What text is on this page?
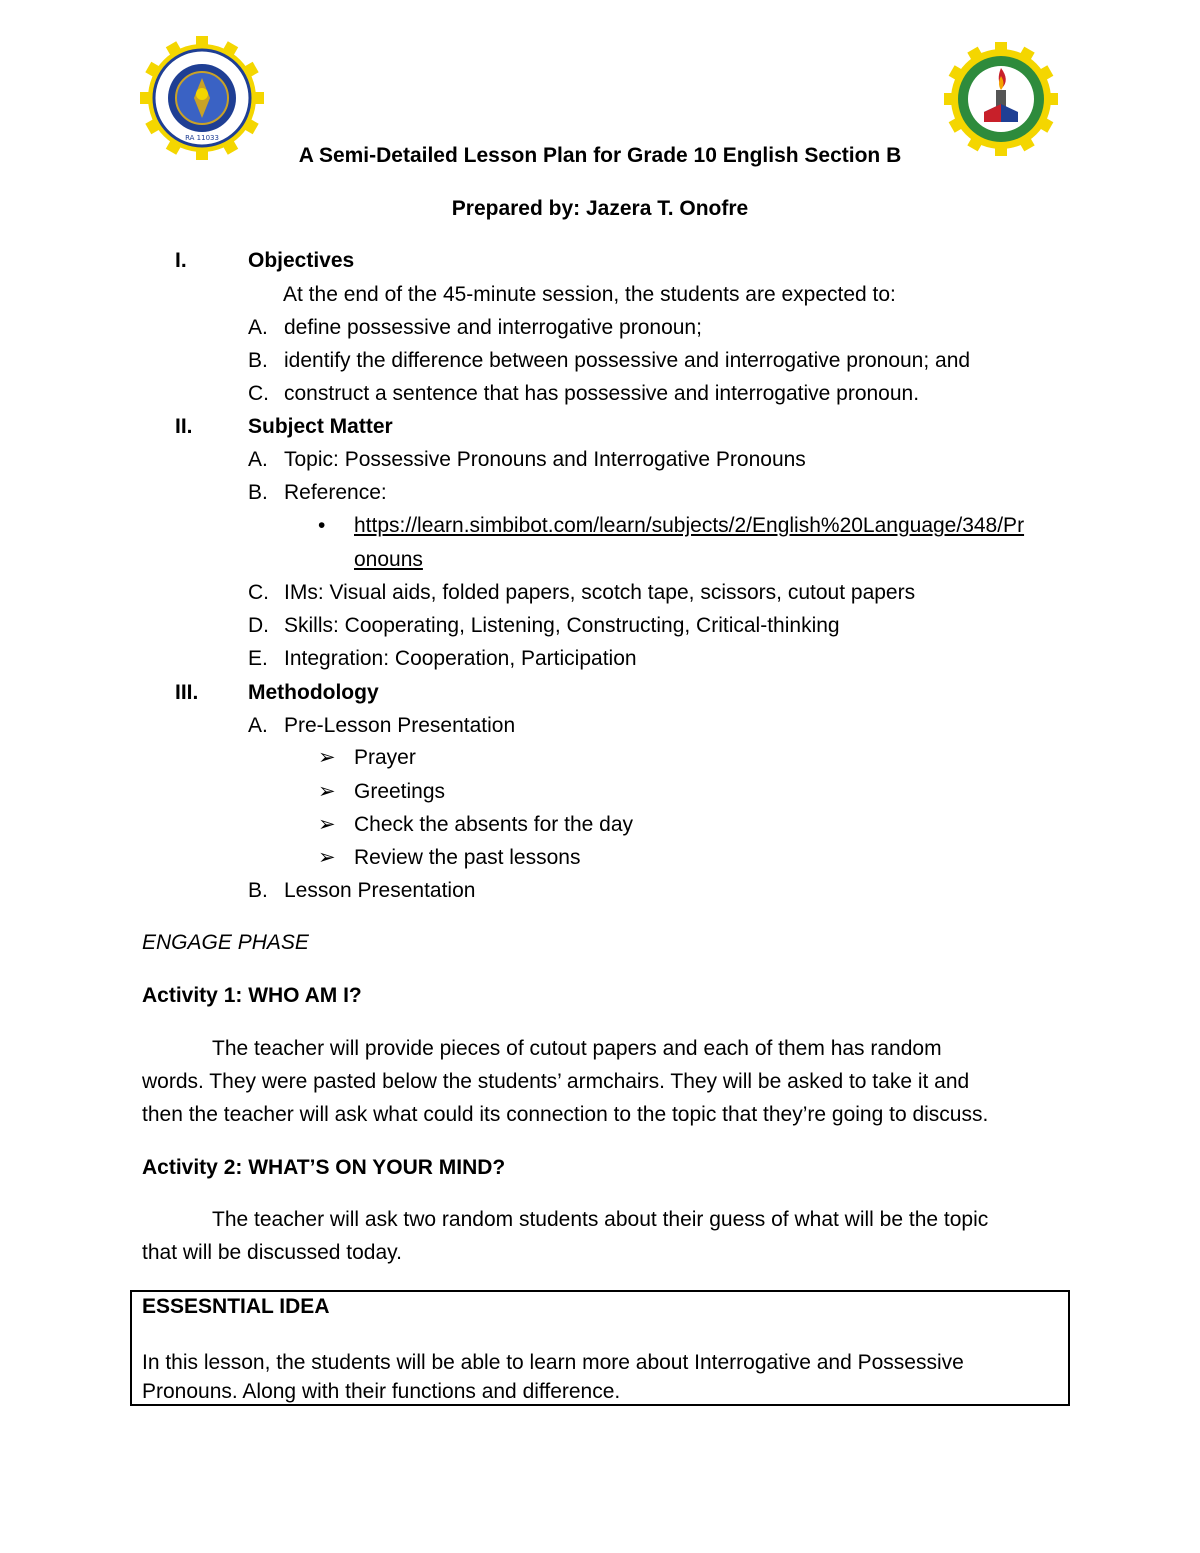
RA 11033
A Semi-Detailed Lesson Plan for Grade 10 English Section B
Prepared by: Jazera T. Onofre
I.	Objectives
At the end of the 45-minute session, the students are expected to:
A. define possessive and interrogative pronoun;
B. identify the difference between possessive and interrogative pronoun; and
C. construct a sentence that has possessive and interrogative pronoun.
II.	Subject Matter
A. Topic: Possessive Pronouns and Interrogative Pronouns
B. Reference:
• https://learn.simbibot.com/learn/subjects/2/English%20Language/348/Pr
onouns
C. IMs: Visual aids, folded papers, scotch tape, scissors, cutout papers
D. Skills: Cooperating, Listening, Constructing, Critical-thinking
E. Integration: Cooperation, Participation
III. Methodology
A. Pre-Lesson Presentation
➢ Prayer
➢ Greetings
➢ Check the absents for the day
➢ Review the past lessons
B. Lesson Presentation
ENGAGE PHASE
Activity 1: WHO AM I?
The teacher will provide pieces of cutout papers and each of them has random
words. They were pasted below the students’ armchairs. They will be asked to take it and
then the teacher will ask what could its connection to the topic that they’re going to discuss.
Activity 2: WHAT’S ON YOUR MIND?
The teacher will ask two random students about their guess of what will be the topic
that will be discussed today.
ESSESNTIAL IDEA
In this lesson, the students will be able to learn more about Interrogative and Possessive
Pronouns. Along with their functions and difference.
